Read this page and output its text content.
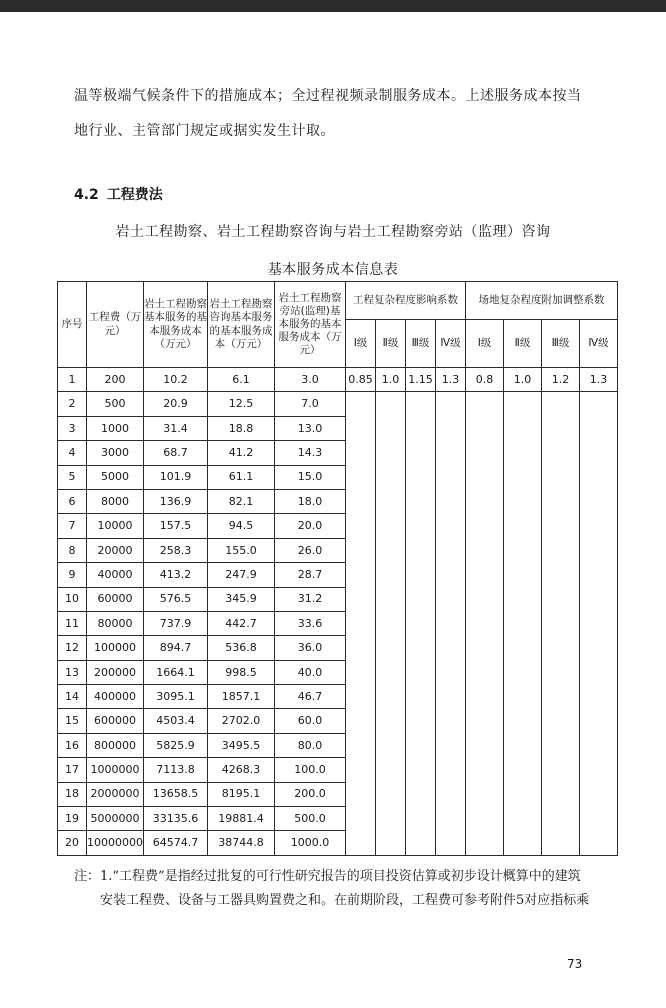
温等极端气候条件下的措施成本；全过程视频录制服务成本。上述服务成本按当

地行业、主管部门规定或据实发生计取。

4.2 工程费法
岩土工程勘察、岩土工程勘察咨询与岩土工程勘察旁站（监理）咨询
基本服务成本信息表
序号	工程费（万元）	岩土工程勘察基本服务的基本服务成本（万元）	岩土工程勘察咨询基本服务的基本服务成本（万元）	岩土工程勘察旁站(监理)基本服务的基本服务成本（万元）	工程复杂程度影响系数				场地复杂程度附加调整系数			
					Ⅰ级	Ⅱ级	Ⅲ级	Ⅳ级	Ⅰ级	Ⅱ级	Ⅲ级	Ⅳ级
1	200	10.2	6.1	3.0	0.85	1.0	1.15	1.3	0.8	1.0	1.2	1.3
2	500	20.9	12.5	7.0								
3	1000	31.4	18.8	13.0								
4	3000	68.7	41.2	14.3								
5	5000	101.9	61.1	15.0								
6	8000	136.9	82.1	18.0								
7	10000	157.5	94.5	20.0								
8	20000	258.3	155.0	26.0								
9	40000	413.2	247.9	28.7								
10	60000	576.5	345.9	31.2								
11	80000	737.9	442.7	33.6								
12	100000	894.7	536.8	36.0								
13	200000	1664.1	998.5	40.0								
14	400000	3095.1	1857.1	46.7								
15	600000	4503.4	2702.0	60.0								
16	800000	5825.9	3495.5	80.0								
17	1000000	7113.8	4268.3	100.0								
18	2000000	13658.5	8195.1	200.0								
19	5000000	33135.6	19881.4	500.0								
20	10000000	64574.7	38744.8	1000.0								

注：1.“工程费”是指经过批复的可行性研究报告的项目投资估算或初步设计概算中的建筑

安装工程费、设备与工器具购置费之和。在前期阶段，工程费可参考附件5对应指标乘

73
